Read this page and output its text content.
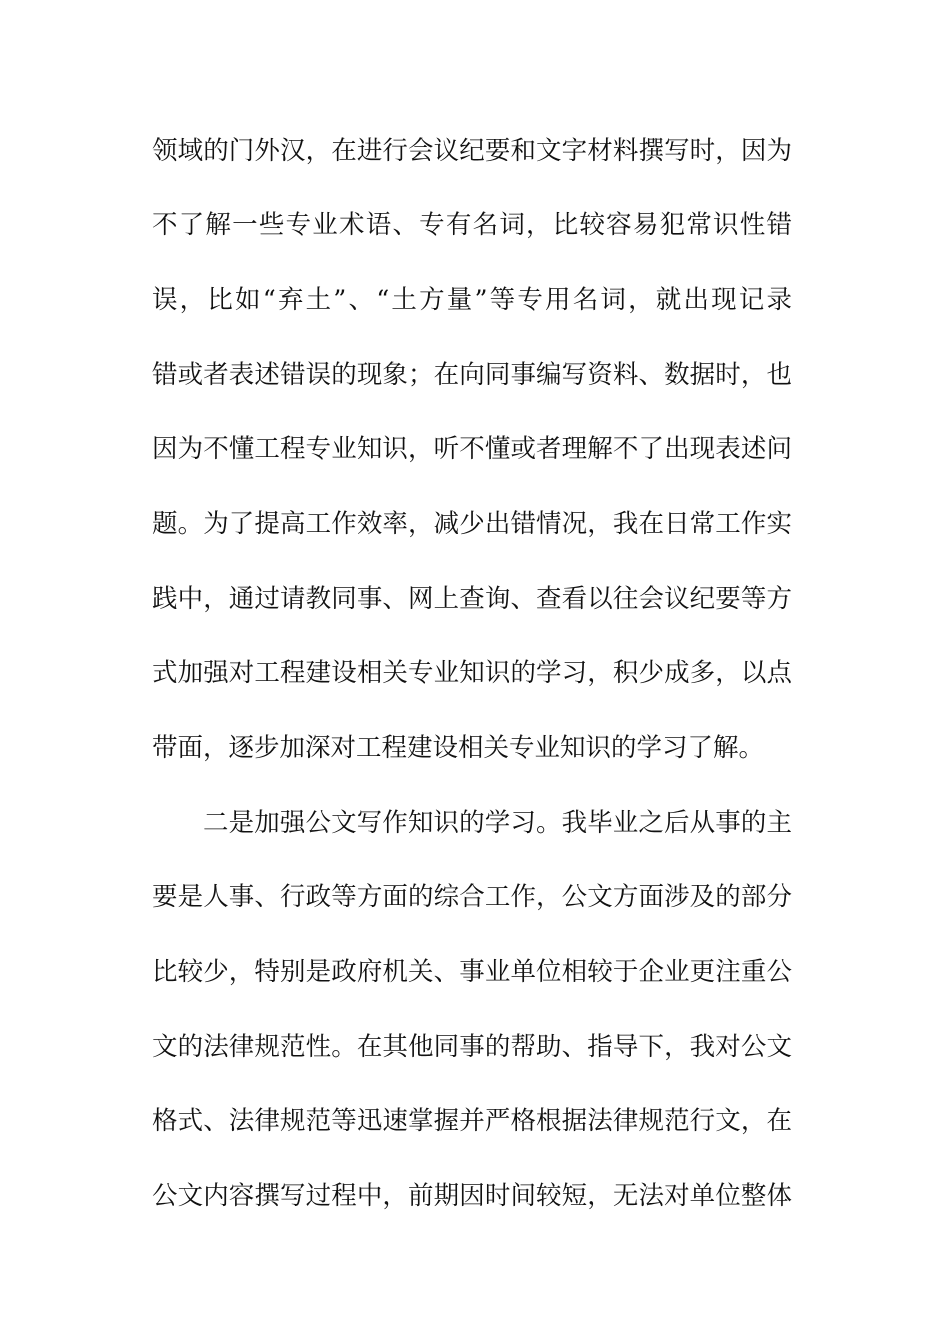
领域的门外汉，在进行会议纪要和文字材料撰写时，因为
不了解一些专业术语、专有名词，比较容易犯常识性错
误，比如“弃土”、“土方量”等专用名词，就出现记录
错或者表述错误的现象；在向同事编写资料、数据时，也
因为不懂工程专业知识，听不懂或者理解不了出现表述问
题。为了提高工作效率，减少出错情况，我在日常工作实
践中，通过请教同事、网上查询、查看以往会议纪要等方
式加强对工程建设相关专业知识的学习，积少成多，以点
带面，逐步加深对工程建设相关专业知识的学习了解。
二是加强公文写作知识的学习。我毕业之后从事的主
要是人事、行政等方面的综合工作，公文方面涉及的部分
比较少，特别是政府机关、事业单位相较于企业更注重公
文的法律规范性。在其他同事的帮助、指导下，我对公文
格式、法律规范等迅速掌握并严格根据法律规范行文，在
公文内容撰写过程中，前期因时间较短，无法对单位整体
